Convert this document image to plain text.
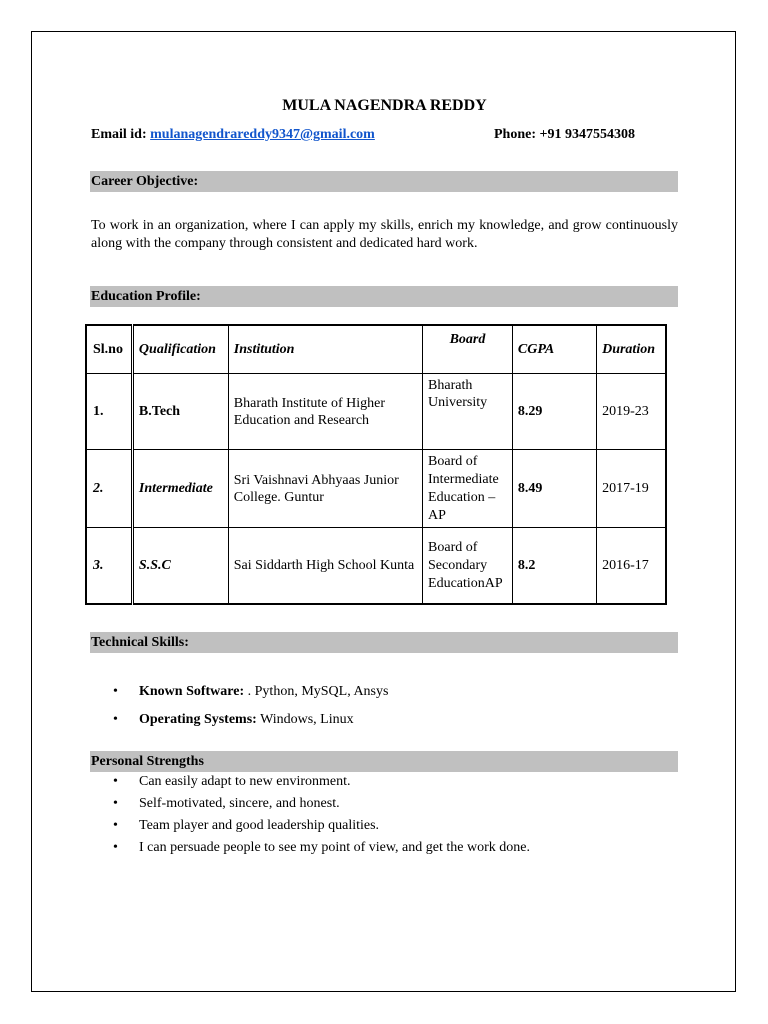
MULA NAGENDRA REDDY
Email id: mulanagendrareddy9347@gmail.com	Phone: +91 9347554308
Career Objective:
To work in an organization, where I can apply my skills, enrich my knowledge, and grow continuously along with the company through consistent and dedicated hard work.
Education Profile:
Sl.no	Qualification	Institution	Board	CGPA	Duration
1.	B.Tech	Bharath Institute of Higher Education and Research	Bharath University	8.29	2019-23
2.	Intermediate	Sri Vaishnavi Abhyaas Junior College. Guntur	Board of Intermediate Education – AP	8.49	2017-19
3.	S.S.C	Sai Siddarth High School Kunta	Board of Secondary EducationAP	8.2	2016-17
Technical Skills:
• Known Software: . Python, MySQL, Ansys
• Operating Systems: Windows, Linux
Personal Strengths
• Can easily adapt to new environment.
• Self-motivated, sincere, and honest.
• Team player and good leadership qualities.
• I can persuade people to see my point of view, and get the work done.
